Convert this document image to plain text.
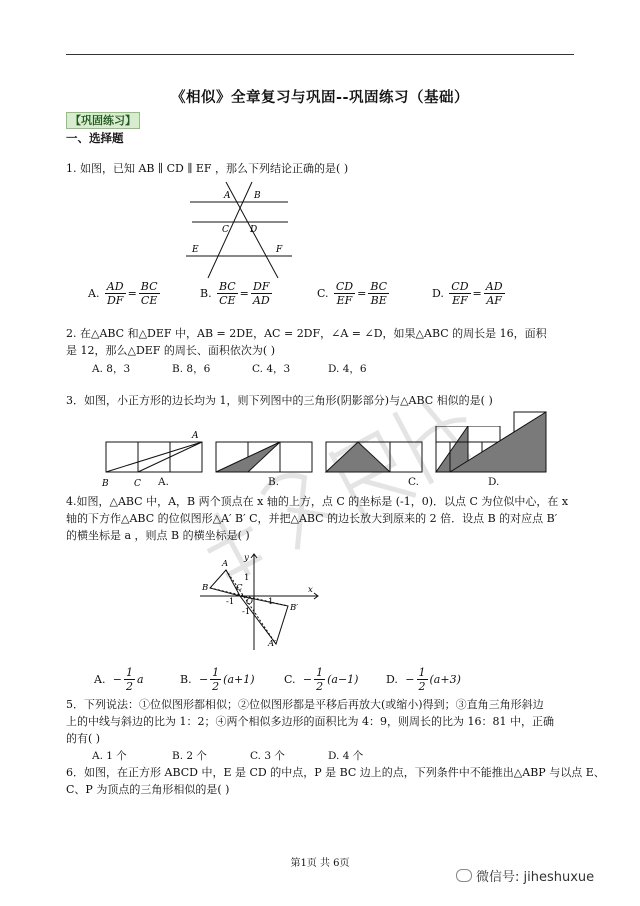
《相似》全章复习与巩固--巩固练习（基础）
【巩固练习】
一、选择题
1. 如图，已知 AB ∥ CD ∥ EF ，那么下列结论正确的是( )
A	B
C D
E	F
A. $\frac{AD}{DF} = \frac{BC}{CE}$	B. $\frac{BC}{CE} = \frac{DF}{AD}$	C. $\frac{CD}{EF} = \frac{BC}{BE}$	D. $\frac{CD}{EF} = \frac{AD}{AF}$
2. 在△ABC 和△DEF 中，AB = 2DE，AC = 2DF，∠A = ∠D，如果△ABC 的周长是 16，面积
是 12，那么△DEF 的周长、面积依次为( )
A. 8，3	B. 8，6	C. 4，3	D. 4，6
3．如图，小正方形的边长均为 1，则下列图中的三角形(阴影部分)与△ABC 相似的是( )
A
B	C A.	B.	C.	D.
4.如图，△ABC 中，A，B 两个顶点在 x 轴的上方，点 C 的坐标是 (-1，0)．以点 C 为位似中心，在 x
轴的下方作△ABC 的位似图形△A′ B′ C，并把△ABC 的边长放大到原来的 2 倍．设点 B 的对应点 B′
的横坐标是 a ，则点 B 的横坐标是( )
y
x
A
B	C
O
1
-1	1
-1	B′
A′
A. − $\frac{1}{2}$ a	B. − $\frac{1}{2} (a+1)$	C. − $\frac{1}{2} (a-1)$	D. − $\frac{1}{2} (a+3)$
5．下列说法：①位似图形都相似；②位似图形都是平移后再放大(或缩小)得到；③直角三角形斜边
上的中线与斜边的比为 1：2；④两个相似多边形的面积比为 4：9，则周长的比为 16：81 中，正确
的有( )
A. 1 个	B. 2 个	C. 3 个	D. 4 个
6．如图，在正方形 ABCD 中，E 是 CD 的中点，P 是 BC 边上的点，下列条件中不能推出△ABP 与以点 E、
C、P 为顶点的三角形相似的是( )
第1页 共 6页
微信号: jiheshuxue
